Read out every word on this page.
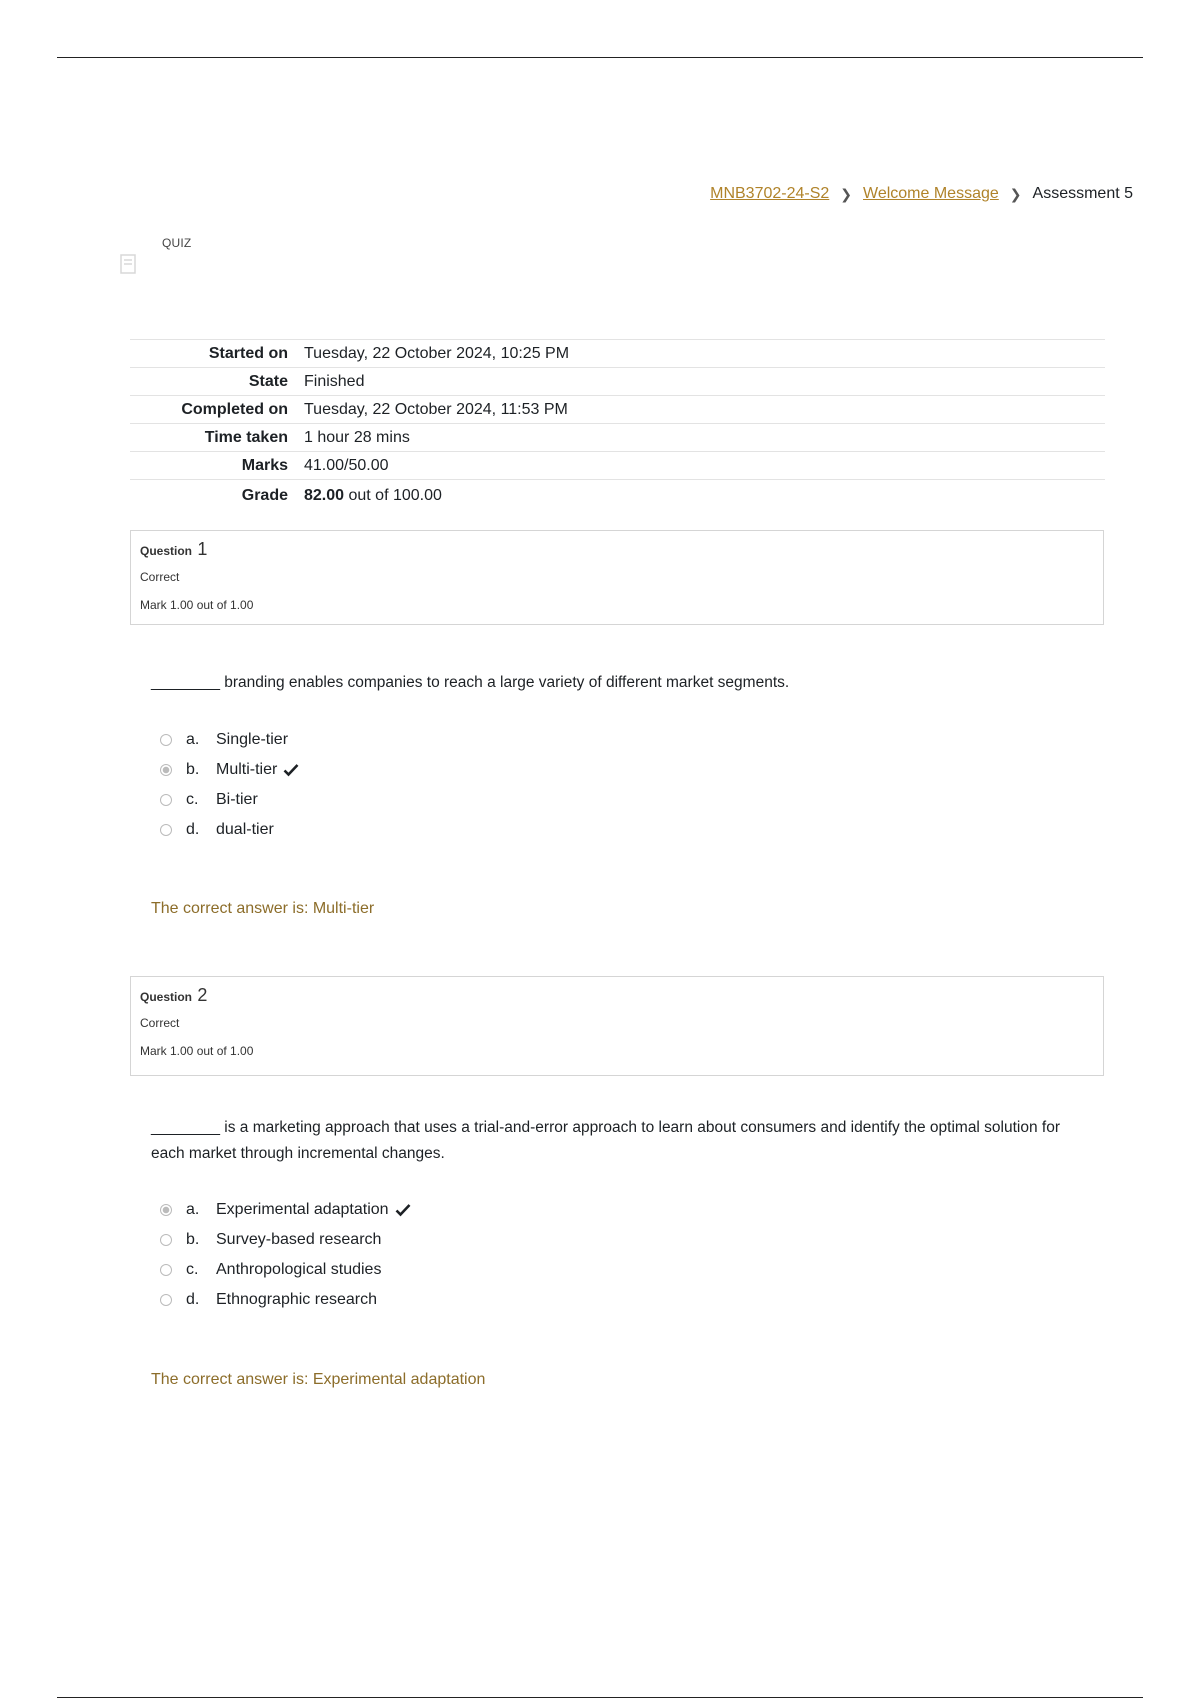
MNB3702-24-S2 ❯ Welcome Message ❯ Assessment 5
QUIZ
Started on	Tuesday, 22 October 2024, 10:25 PM
State	Finished
Completed on	Tuesday, 22 October 2024, 11:53 PM
Time taken	1 hour 28 mins
Marks	41.00/50.00
Grade	82.00 out of 100.00
Question 1
Correct
Mark 1.00 out of 1.00
________ branding enables companies to reach a large variety of different market segments.
a.	Single-tier
b.	Multi-tier
c.	Bi-tier
d.	dual-tier
The correct answer is: Multi-tier
Question 2
Correct
Mark 1.00 out of 1.00
________ is a marketing approach that uses a trial-and-error approach to learn about consumers and identify the optimal solution for each market through incremental changes.
a.	Experimental adaptation
b.	Survey-based research
c.	Anthropological studies
d.	Ethnographic research
The correct answer is: Experimental adaptation
